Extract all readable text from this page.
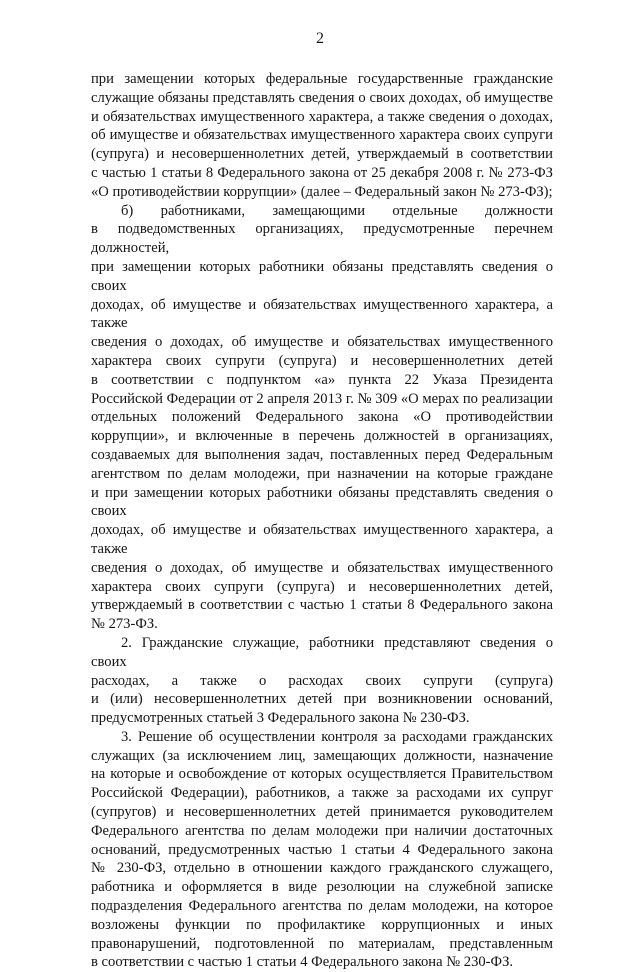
2
при замещении которых федеральные государственные гражданские
служащие обязаны представлять сведения о своих доходах, об имуществе
и обязательствах имущественного характера, а также сведения о доходах,
об имуществе и обязательствах имущественного характера своих супруги
(супруга) и несовершеннолетних детей, утверждаемый в соответствии
с частью 1 статьи 8 Федерального закона от 25 декабря 2008 г. № 273-ФЗ
«О противодействии коррупции» (далее – Федеральный закон № 273-ФЗ);
б) работниками, замещающими отдельные должности
в подведомственных организациях, предусмотренные перечнем должностей,
при замещении которых работники обязаны представлять сведения о своих
доходах, об имуществе и обязательствах имущественного характера, а также
сведения о доходах, об имуществе и обязательствах имущественного
характера своих супруги (супруга) и несовершеннолетних детей
в соответствии с подпунктом «а» пункта 22 Указа Президента
Российской Федерации от 2 апреля 2013 г. № 309 «О мерах по реализации
отдельных положений Федерального закона «О противодействии
коррупции», и включенные в перечень должностей в организациях,
создаваемых для выполнения задач, поставленных перед Федеральным
агентством по делам молодежи, при назначении на которые граждане
и при замещении которых работники обязаны представлять сведения о своих
доходах, об имуществе и обязательствах имущественного характера, а также
сведения о доходах, об имуществе и обязательствах имущественного
характера своих супруги (супруга) и несовершеннолетних детей,
утверждаемый в соответствии с частью 1 статьи 8 Федерального закона
№ 273-ФЗ.
2. Гражданские служащие, работники представляют сведения о своих
расходах, а также о расходах своих супруги (супруга)
и (или) несовершеннолетних детей при возникновении оснований,
предусмотренных статьей 3 Федерального закона № 230-ФЗ.
3. Решение об осуществлении контроля за расходами гражданских
служащих (за исключением лиц, замещающих должности, назначение
на которые и освобождение от которых осуществляется Правительством
Российской Федерации), работников, а также за расходами их супруг
(супругов) и несовершеннолетних детей принимается руководителем
Федерального агентства по делам молодежи при наличии достаточных
оснований, предусмотренных частью 1 статьи 4 Федерального закона
№ 230-ФЗ, отдельно в отношении каждого гражданского служащего,
работника и оформляется в виде резолюции на служебной записке
подразделения Федерального агентства по делам молодежи, на которое
возложены функции по профилактике коррупционных и иных
правонарушений, подготовленной по материалам, представленным
в соответствии с частью 1 статьи 4 Федерального закона № 230-ФЗ.
